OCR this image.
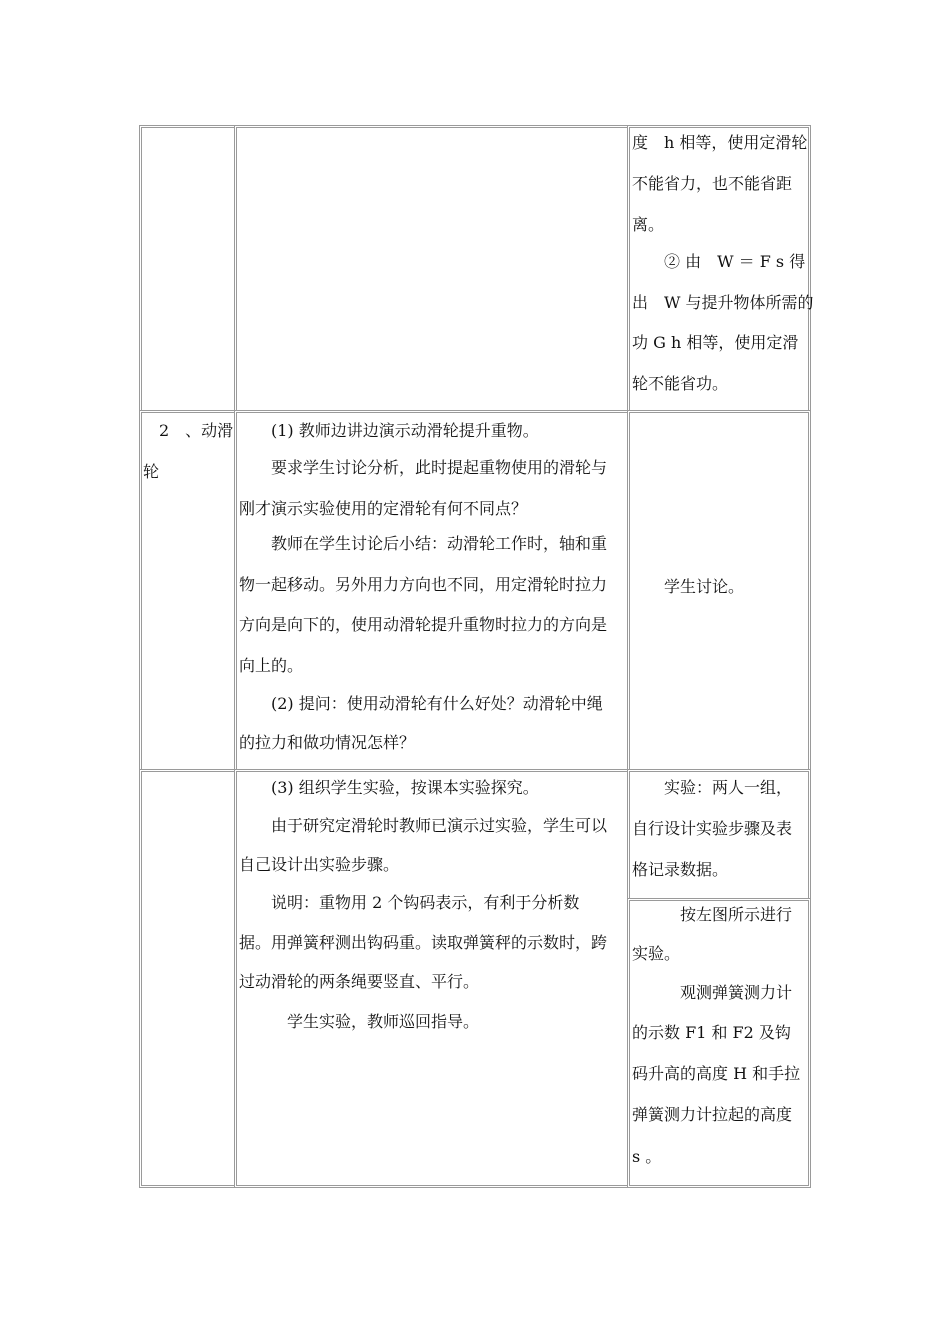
度　h 相等，使用定滑轮
不能省力，也不能省距
离。
　　② 由　W ＝ F s 得
出　W 与提升物体所需的
功 G h 相等，使用定滑
轮不能省功。
　2　、动滑
轮
　　(1) 教师边讲边演示动滑轮提升重物。
　　要求学生讨论分析，此时提起重物使用的滑轮与
刚才演示实验使用的定滑轮有何不同点？
　　教师在学生讨论后小结：动滑轮工作时，轴和重
物一起移动。另外用力方向也不同，用定滑轮时拉力
方向是向下的，使用动滑轮提升重物时拉力的方向是
向上的。
　　(2) 提问：使用动滑轮有什么好处？动滑轮中绳
的拉力和做功情况怎样？
学生讨论。
　　(3) 组织学生实验，按课本实验探究。
　　由于研究定滑轮时教师已演示过实验，学生可以
自己设计出实验步骤。
　　说明：重物用 2 个钩码表示，有利于分析数
据。用弹簧秤测出钩码重。读取弹簧秤的示数时，跨
过动滑轮的两条绳要竖直、平行。
　　　学生实验，教师巡回指导。
　　实验：两人一组，
自行设计实验步骤及表
格记录数据。
　　　按左图所示进行
实验。
　　　观测弹簧测力计
的示数 F1 和 F2 及钩
码升高的高度 H 和手拉
弹簧测力计拉起的高度
s 。
